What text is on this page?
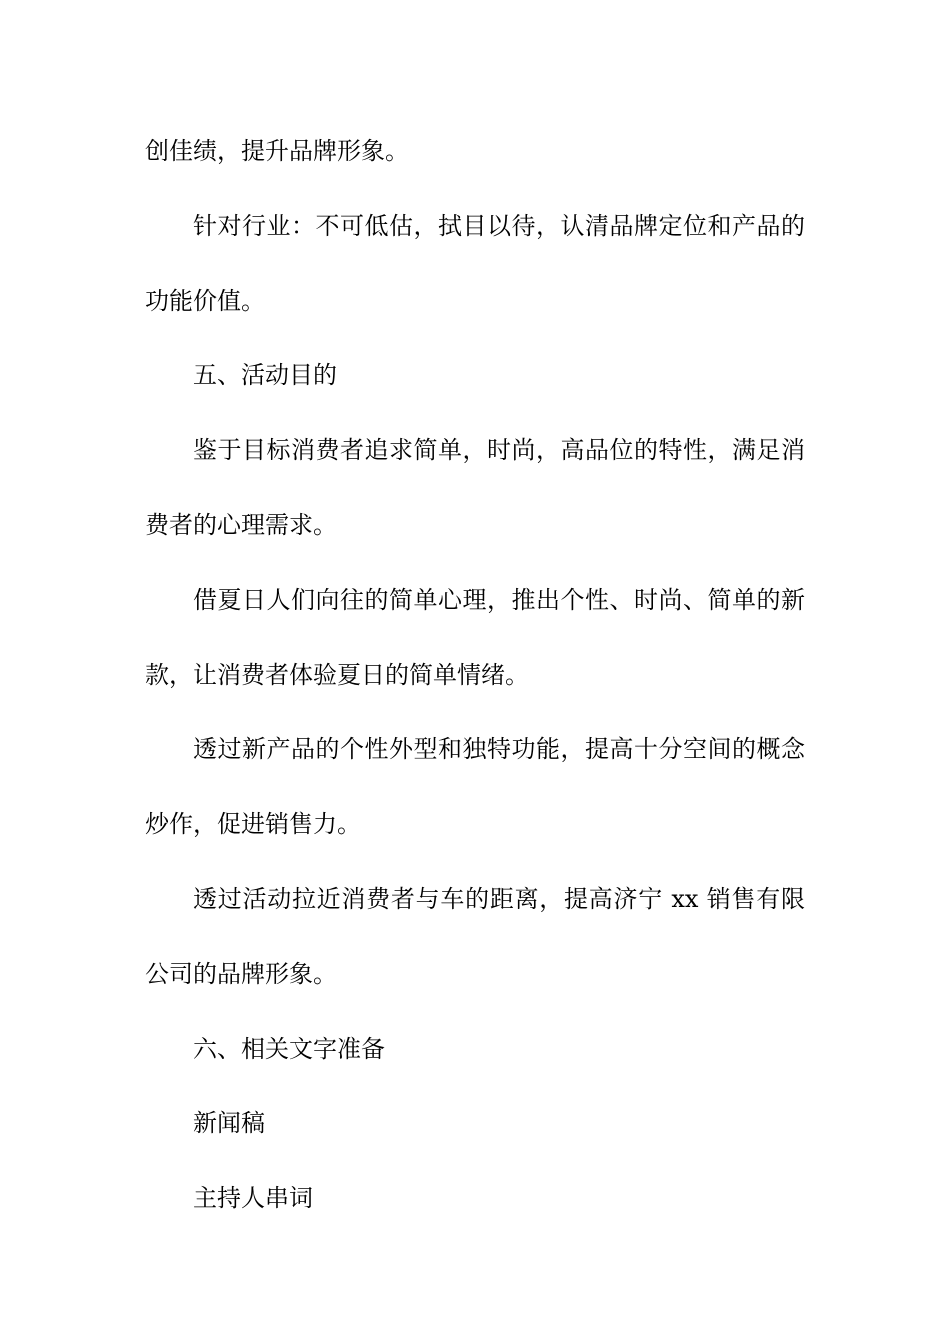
创佳绩，提升品牌形象。

针对行业：不可低估，拭目以待，认清品牌定位和产品的功能价值。

五、活动目的

鉴于目标消费者追求简单，时尚，高品位的特性，满足消费者的心理需求。

借夏日人们向往的简单心理，推出个性、时尚、简单的新款，让消费者体验夏日的简单情绪。

透过新产品的个性外型和独特功能，提高十分空间的概念炒作，促进销售力。

透过活动拉近消费者与车的距离，提高济宁 xx 销售有限公司的品牌形象。

六、相关文字准备

新闻稿

主持人串词
